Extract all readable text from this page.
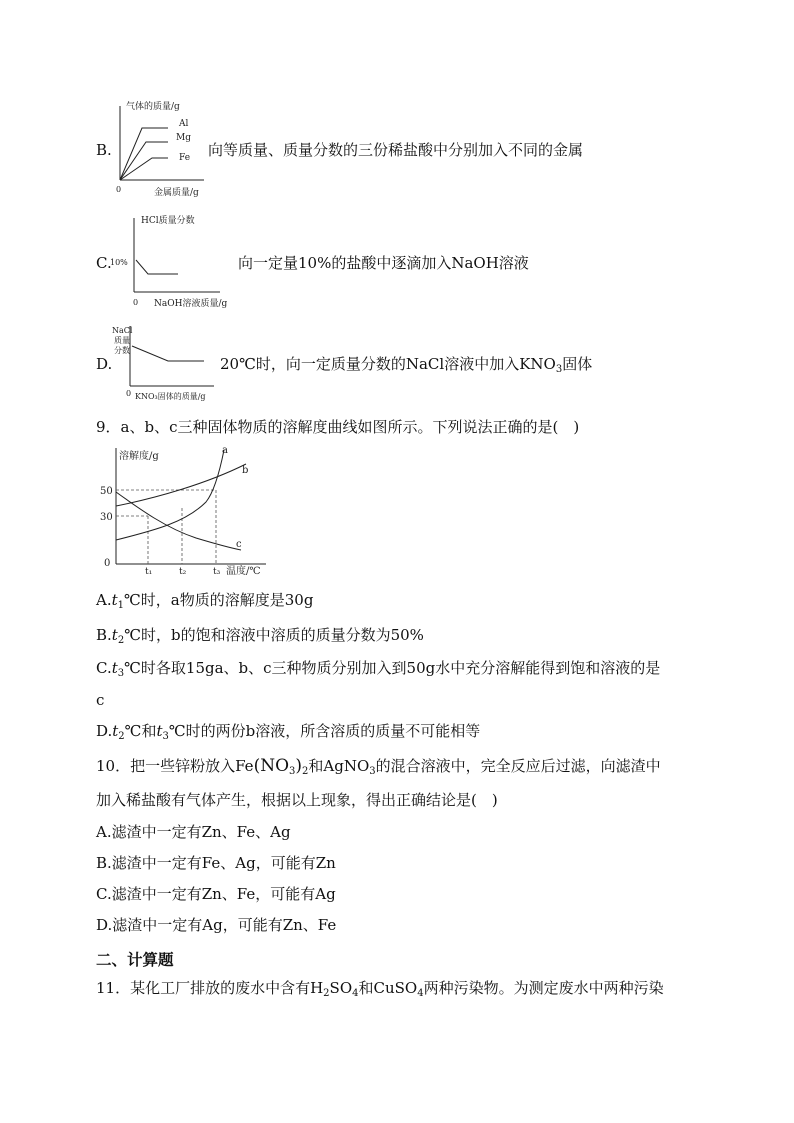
B.
气体的质量/g
0	金属质量/g
Al
Mg
Fe 向等质量、质量分数的三份稀盐酸中分别加入不同的金属
C.
HCl质量分数
10%
0 NaOH溶液质量/g
向一定量10%的盐酸中逐滴加入NaOH溶液
D.
NaCl
质量
分数
0 KNO₃固体的质量/g
20℃时，向一定质量分数的NaCl溶液中加入$KNO_3$固体
9．a、b、c三种固体物质的溶解度曲线如图所示。下列说法正确的是(　)
溶解度/g
50
30
0
a
b
c
t₁	t₂	t₃ 温度/℃
$A.t_1℃$时，a物质的溶解度是30g
$B.t_2℃$时，b的饱和溶液中溶质的质量分数为50%
$C.t_3℃$时各取15ga、b、c三种物质分别加入到50g水中充分溶解能得到饱和溶液的是
c
$D.t_2℃$和$t_3℃$时的两份b溶液，所含溶质的质量不可能相等
10．把一些锌粉放入$Fe(NO_3)_2$和AgNO$_3$的混合溶液中，完全反应后过滤，向滤渣中
加入稀盐酸有气体产生，根据以上现象，得出正确结论是(　)
A.滤渣中一定有Zn、Fe、Ag
B.滤渣中一定有Fe、Ag，可能有Zn
C.滤渣中一定有Zn、Fe，可能有Ag
D.滤渣中一定有Ag，可能有Zn、Fe
二、计算题
11．某化工厂排放的废水中含有$H_2SO_4$和CuSO$_4$两种污染物。为测定废水中两种污染
